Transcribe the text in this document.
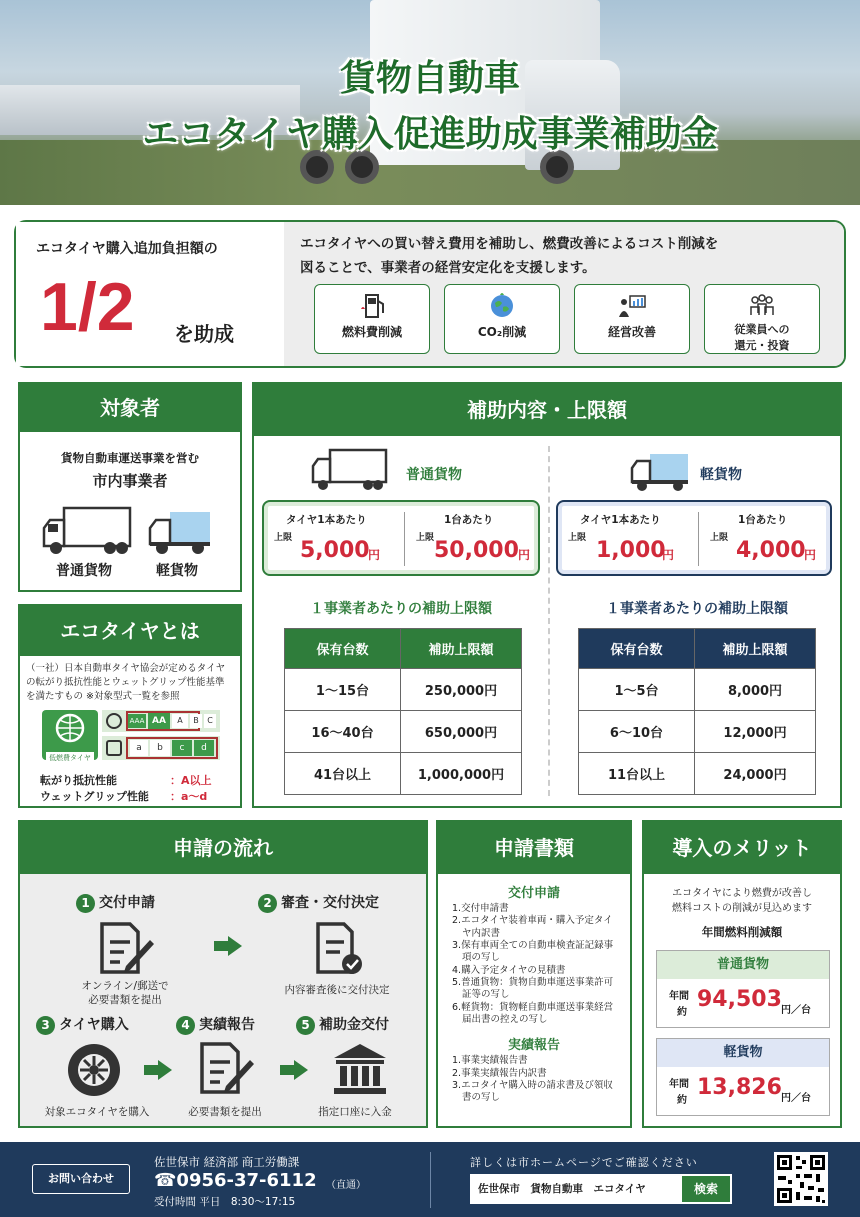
貨物自動車
エコタイヤ購入促進助成事業補助金
エコタイヤ購入追加負担額の
1/2 を助成
エコタイヤへの買い替え費用を補助し、燃費改善によるコスト削減を
図ることで、事業者の経営安定化を支援します。
燃料費削減	CO₂削減	経営改善	従業員への
還元・投資
対象者
貨物自動車運送事業を営む
市内事業者
普通貨物	軽貨物
エコタイヤとは
（一社）日本自動車タイヤ協会が定めるタイヤの転がり抵抗性能とウェットグリップ性能基準を満たすもの ※対象型式一覧を参照
低燃費タイヤ
AAA AA	A	B	C
a	b	c	d
転がり抵抗性能	：A以上
ウェットグリップ性能 ：a〜d
補助内容・上限額
普通貨物
タイヤ1本あたり
上限 5,000
円
1台あたり
上限 50,000 円
１事業者あたりの補助上限額
保有台数	補助上限額
1〜15台	250,000円
16〜40台	650,000円
41台以上	1,000,000円
軽貨物
タイヤ1本あたり
上限 1,000
円
1台あたり
上限 4,000
円
１事業者あたりの補助上限額
保有台数	補助上限額
1〜5台	8,000円
6〜10台	12,000円
11台以上	24,000円
申請の流れ
1 交付申請
オンライン/郵送で
必要書類を提出
2 審査・交付決定
内容審査後に交付決定
3 タイヤ購入
対象エコタイヤを購入
4 実績報告
必要書類を提出
5 補助金交付
指定口座に入金
申請書類
交付申請
1.交付申請書
2.エコタイヤ装着車両・購入予定タイヤ内訳書
3.保有車両全ての自動車検査証記録事項の写し
4.購入予定タイヤの見積書
5.普通貨物：貨物自動車運送事業許可証等の写し
6.軽貨物：貨物軽自動車運送事業経営届出書の控えの写し
実績報告
1.事業実績報告書
2.事業実績報告内訳書
3.エコタイヤ購入時の請求書及び領収書の写し
導入のメリット
エコタイヤにより燃費が改善し
燃料コストの削減が見込めます
年間燃料削減額
普通貨物
年間
約
94,503 円／台
軽貨物
年間
約
13,826 円／台
お問い合わせ
佐世保市 経済部 商工労働課
☎0956-37-6112 （直通）
受付時間 平日　8:30〜17:15
詳しくは市ホームページでご確認ください
佐世保市　貨物自動車　エコタイヤ	検索
